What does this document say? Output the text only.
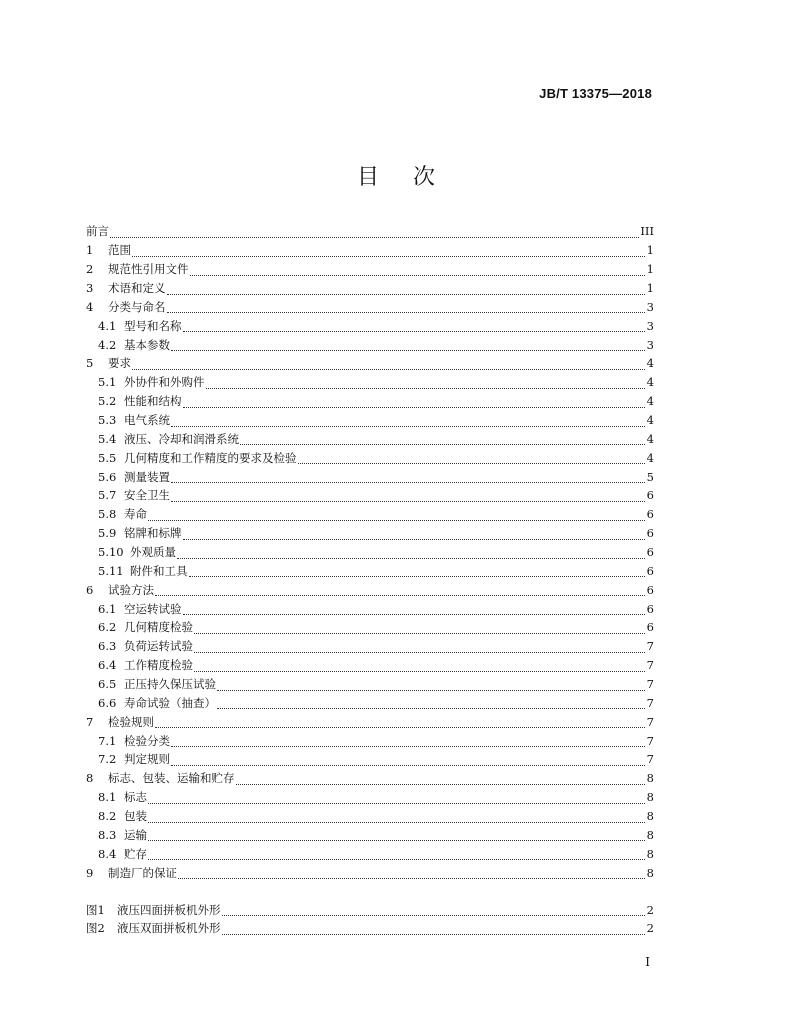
JB/T 13375—2018
目 次
前言	III
1	范围	1
2	规范性引用文件	1
3	术语和定义	1
4	分类与命名	3
4.1 型号和名称	3
4.2 基本参数	3
5	要求	4
5.1 外协件和外购件	4
5.2 性能和结构	4
5.3 电气系统	4
5.4 液压、冷却和润滑系统	4
5.5 几何精度和工作精度的要求及检验	4
5.6 测量装置	5
5.7 安全卫生	6
5.8 寿命	6
5.9 铭牌和标牌	6
5.10 外观质量	6
5.11 附件和工具	6
6	试验方法	6
6.1 空运转试验	6
6.2 几何精度检验	6
6.3 负荷运转试验	7
6.4 工作精度检验	7
6.5 正压持久保压试验	7
6.6 寿命试验（抽查）	7
7	检验规则	7
7.1 检验分类	7
7.2 判定规则	7
8	标志、包装、运输和贮存	8
8.1 标志	8
8.2 包装	8
8.3 运输	8
8.4 贮存	8
9	制造厂的保证	8
图1	液压四面拼板机外形	2
图2	液压双面拼板机外形	2
I
